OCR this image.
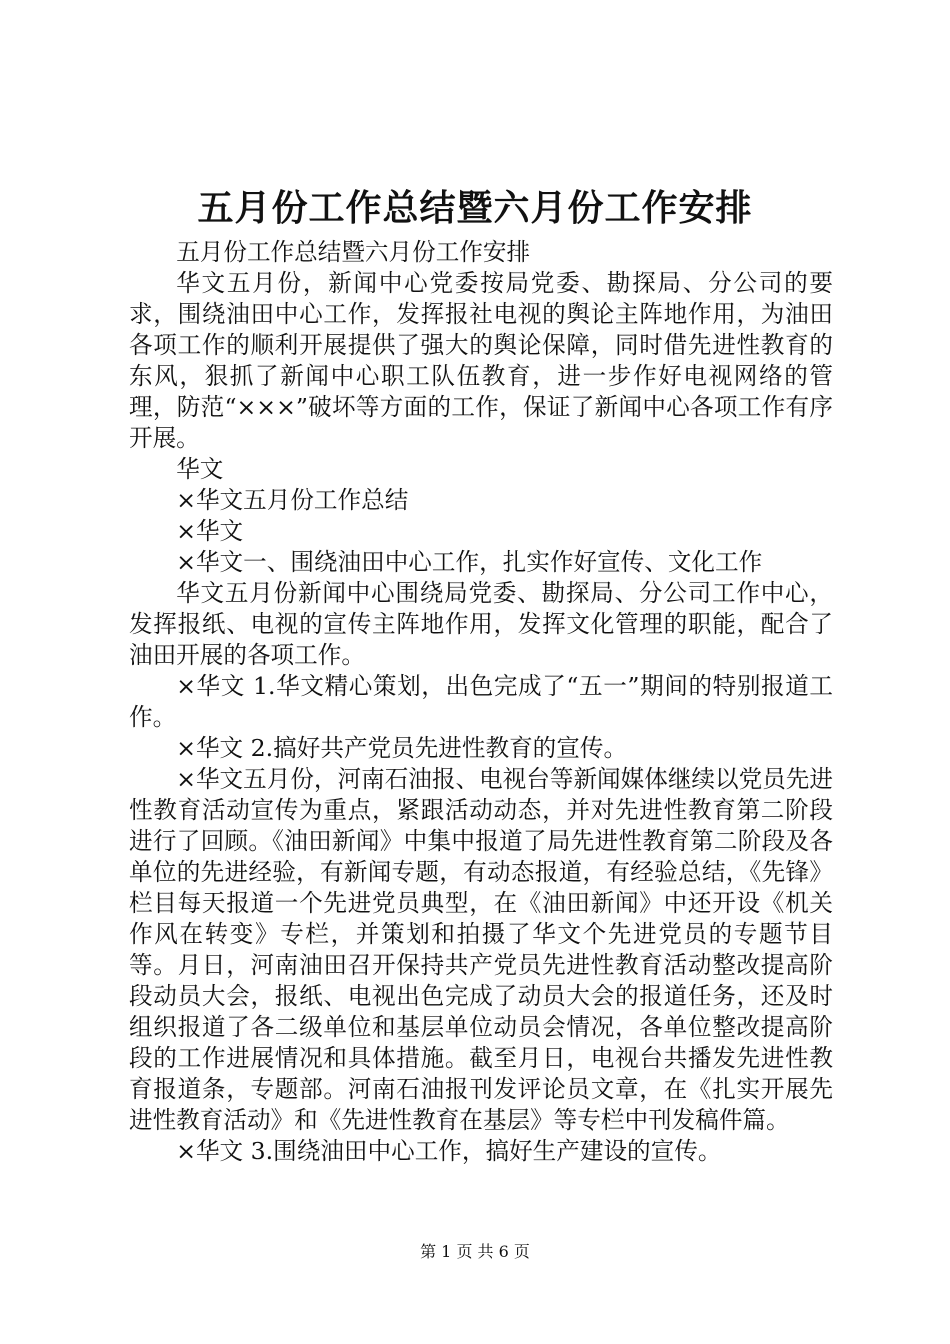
五月份工作总结暨六月份工作安排

五月份工作总结暨六月份工作安排

华文五月份，新闻中心党委按局党委、勘探局、分公司的要求，围绕油田中心工作，发挥报社电视的舆论主阵地作用，为油田各项工作的顺利开展提供了强大的舆论保障，同时借先进性教育的东风，狠抓了新闻中心职工队伍教育，进一步作好电视网络的管理，防范“×××”破坏等方面的工作，保证了新闻中心各项工作有序开展。

华文

×华文五月份工作总结

×华文

×华文一、围绕油田中心工作，扎实作好宣传、文化工作

华文五月份新闻中心围绕局党委、勘探局、分公司工作中心，发挥报纸、电视的宣传主阵地作用，发挥文化管理的职能，配合了油田开展的各项工作。

×华文 1.华文精心策划，出色完成了“五一”期间的特别报道工作。

×华文 2.搞好共产党员先进性教育的宣传。

×华文五月份，河南石油报、电视台等新闻媒体继续以党员先进性教育活动宣传为重点，紧跟活动动态，并对先进性教育第二阶段进行了回顾。《油田新闻》中集中报道了局先进性教育第二阶段及各单位的先进经验，有新闻专题，有动态报道，有经验总结，《先锋》栏目每天报道一个先进党员典型，在《油田新闻》中还开设《机关作风在转变》专栏，并策划和拍摄了华文个先进党员的专题节目等。月日，河南油田召开保持共产党员先进性教育活动整改提高阶段动员大会，报纸、电视出色完成了动员大会的报道任务，还及时组织报道了各二级单位和基层单位动员会情况，各单位整改提高阶段的工作进展情况和具体措施。截至月日，电视台共播发先进性教育报道条，专题部。河南石油报刊发评论员文章，在《扎实开展先进性教育活动》和《先进性教育在基层》等专栏中刊发稿件篇。

×华文 3.围绕油田中心工作，搞好生产建设的宣传。

第 1 页 共 6 页
